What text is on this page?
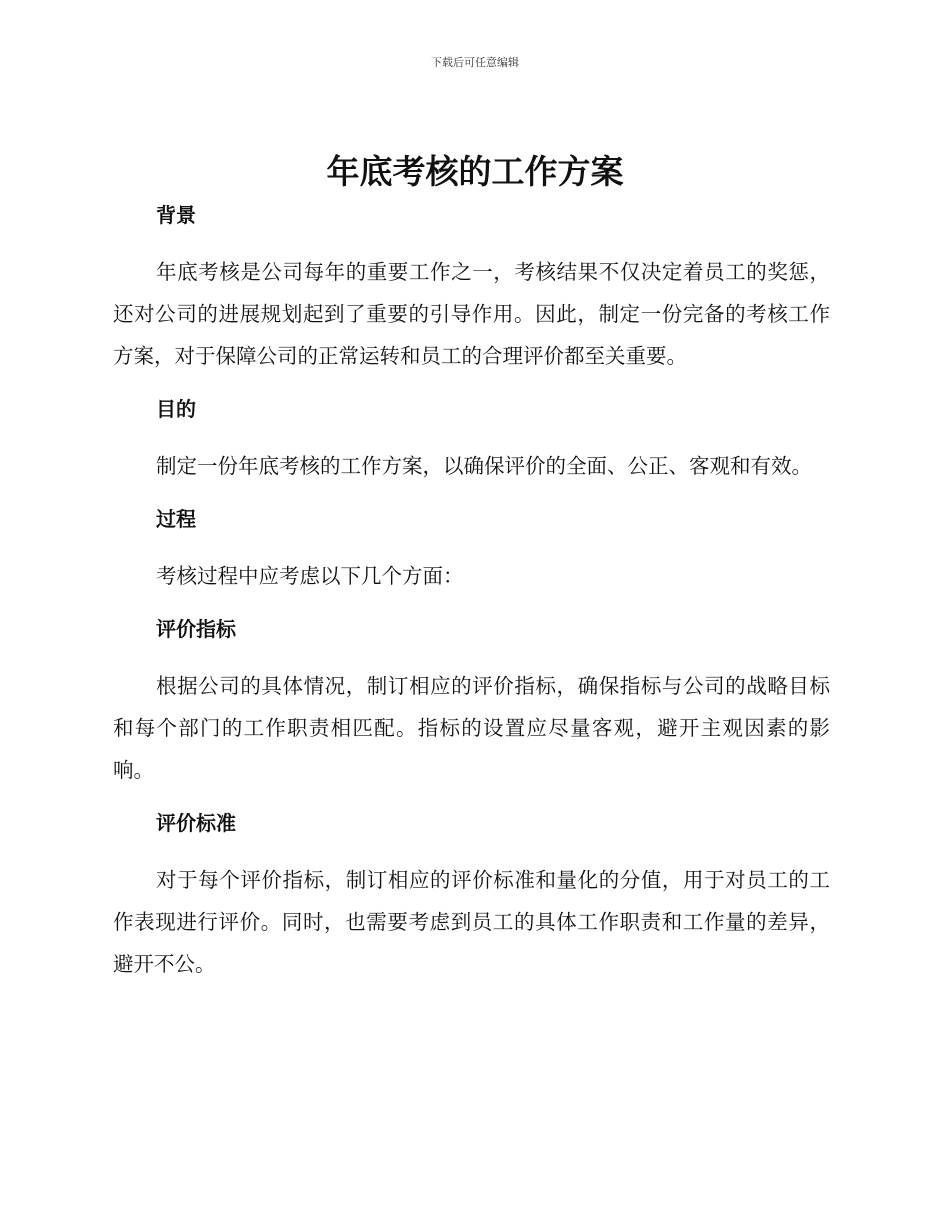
下载后可任意编辑
年底考核的工作方案
背景

年底考核是公司每年的重要工作之一，考核结果不仅决定着员工的奖惩，还对公司的进展规划起到了重要的引导作用。因此，制定一份完备的考核工作方案，对于保障公司的正常运转和员工的合理评价都至关重要。

目的

制定一份年底考核的工作方案，以确保评价的全面、公正、客观和有效。

过程

考核过程中应考虑以下几个方面：

评价指标

根据公司的具体情况，制订相应的评价指标，确保指标与公司的战略目标和每个部门的工作职责相匹配。指标的设置应尽量客观，避开主观因素的影响。

评价标准

对于每个评价指标，制订相应的评价标准和量化的分值，用于对员工的工作表现进行评价。同时，也需要考虑到员工的具体工作职责和工作量的差异，避开不公。
